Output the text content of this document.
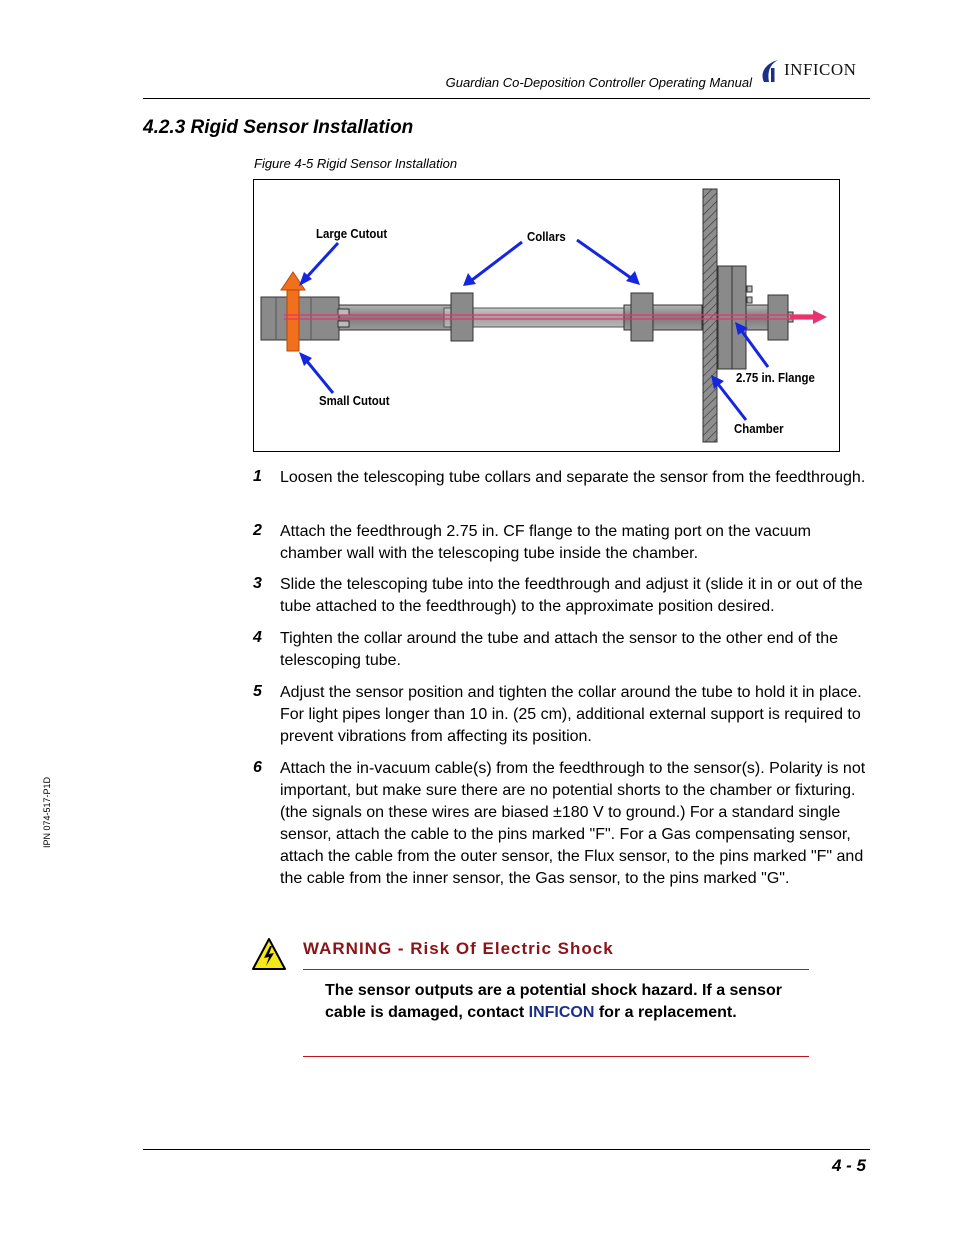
Guardian Co-Deposition Controller Operating Manual
INFICON
4.2.3 Rigid Sensor Installation
Figure 4-5 Rigid Sensor Installation
Large Cutout	Collars
Small Cutout
2.75 in. Flange
Chamber
1 Loosen the telescoping tube collars and separate the sensor from the feedthrough.
2 Attach the feedthrough 2.75 in. CF flange to the mating port on the vacuum chamber wall with the telescoping tube inside the chamber.
3 Slide the telescoping tube into the feedthrough and adjust it (slide it in or out of the tube attached to the feedthrough) to the approximate position desired.
4 Tighten the collar around the tube and attach the sensor to the other end of the telescoping tube.
5 Adjust the sensor position and tighten the collar around the tube to hold it in place. For light pipes longer than 10 in. (25 cm), additional external support is required to prevent vibrations from affecting its position.
6 Attach the in-vacuum cable(s) from the feedthrough to the sensor(s). Polarity is not important, but make sure there are no potential shorts to the chamber or fixturing. (the signals on these wires are biased ±180 V to ground.) For a standard single sensor, attach the cable to the pins marked "F". For a Gas compensating sensor, attach the cable from the outer sensor, the Flux sensor, to the pins marked "F" and the cable from the inner sensor, the Gas sensor, to the pins marked "G".
WARNING - Risk Of Electric Shock
The sensor outputs are a potential shock hazard. If a sensor cable is damaged, contact INFICON for a replacement.
4 - 5
IPN 074-517-P1D
